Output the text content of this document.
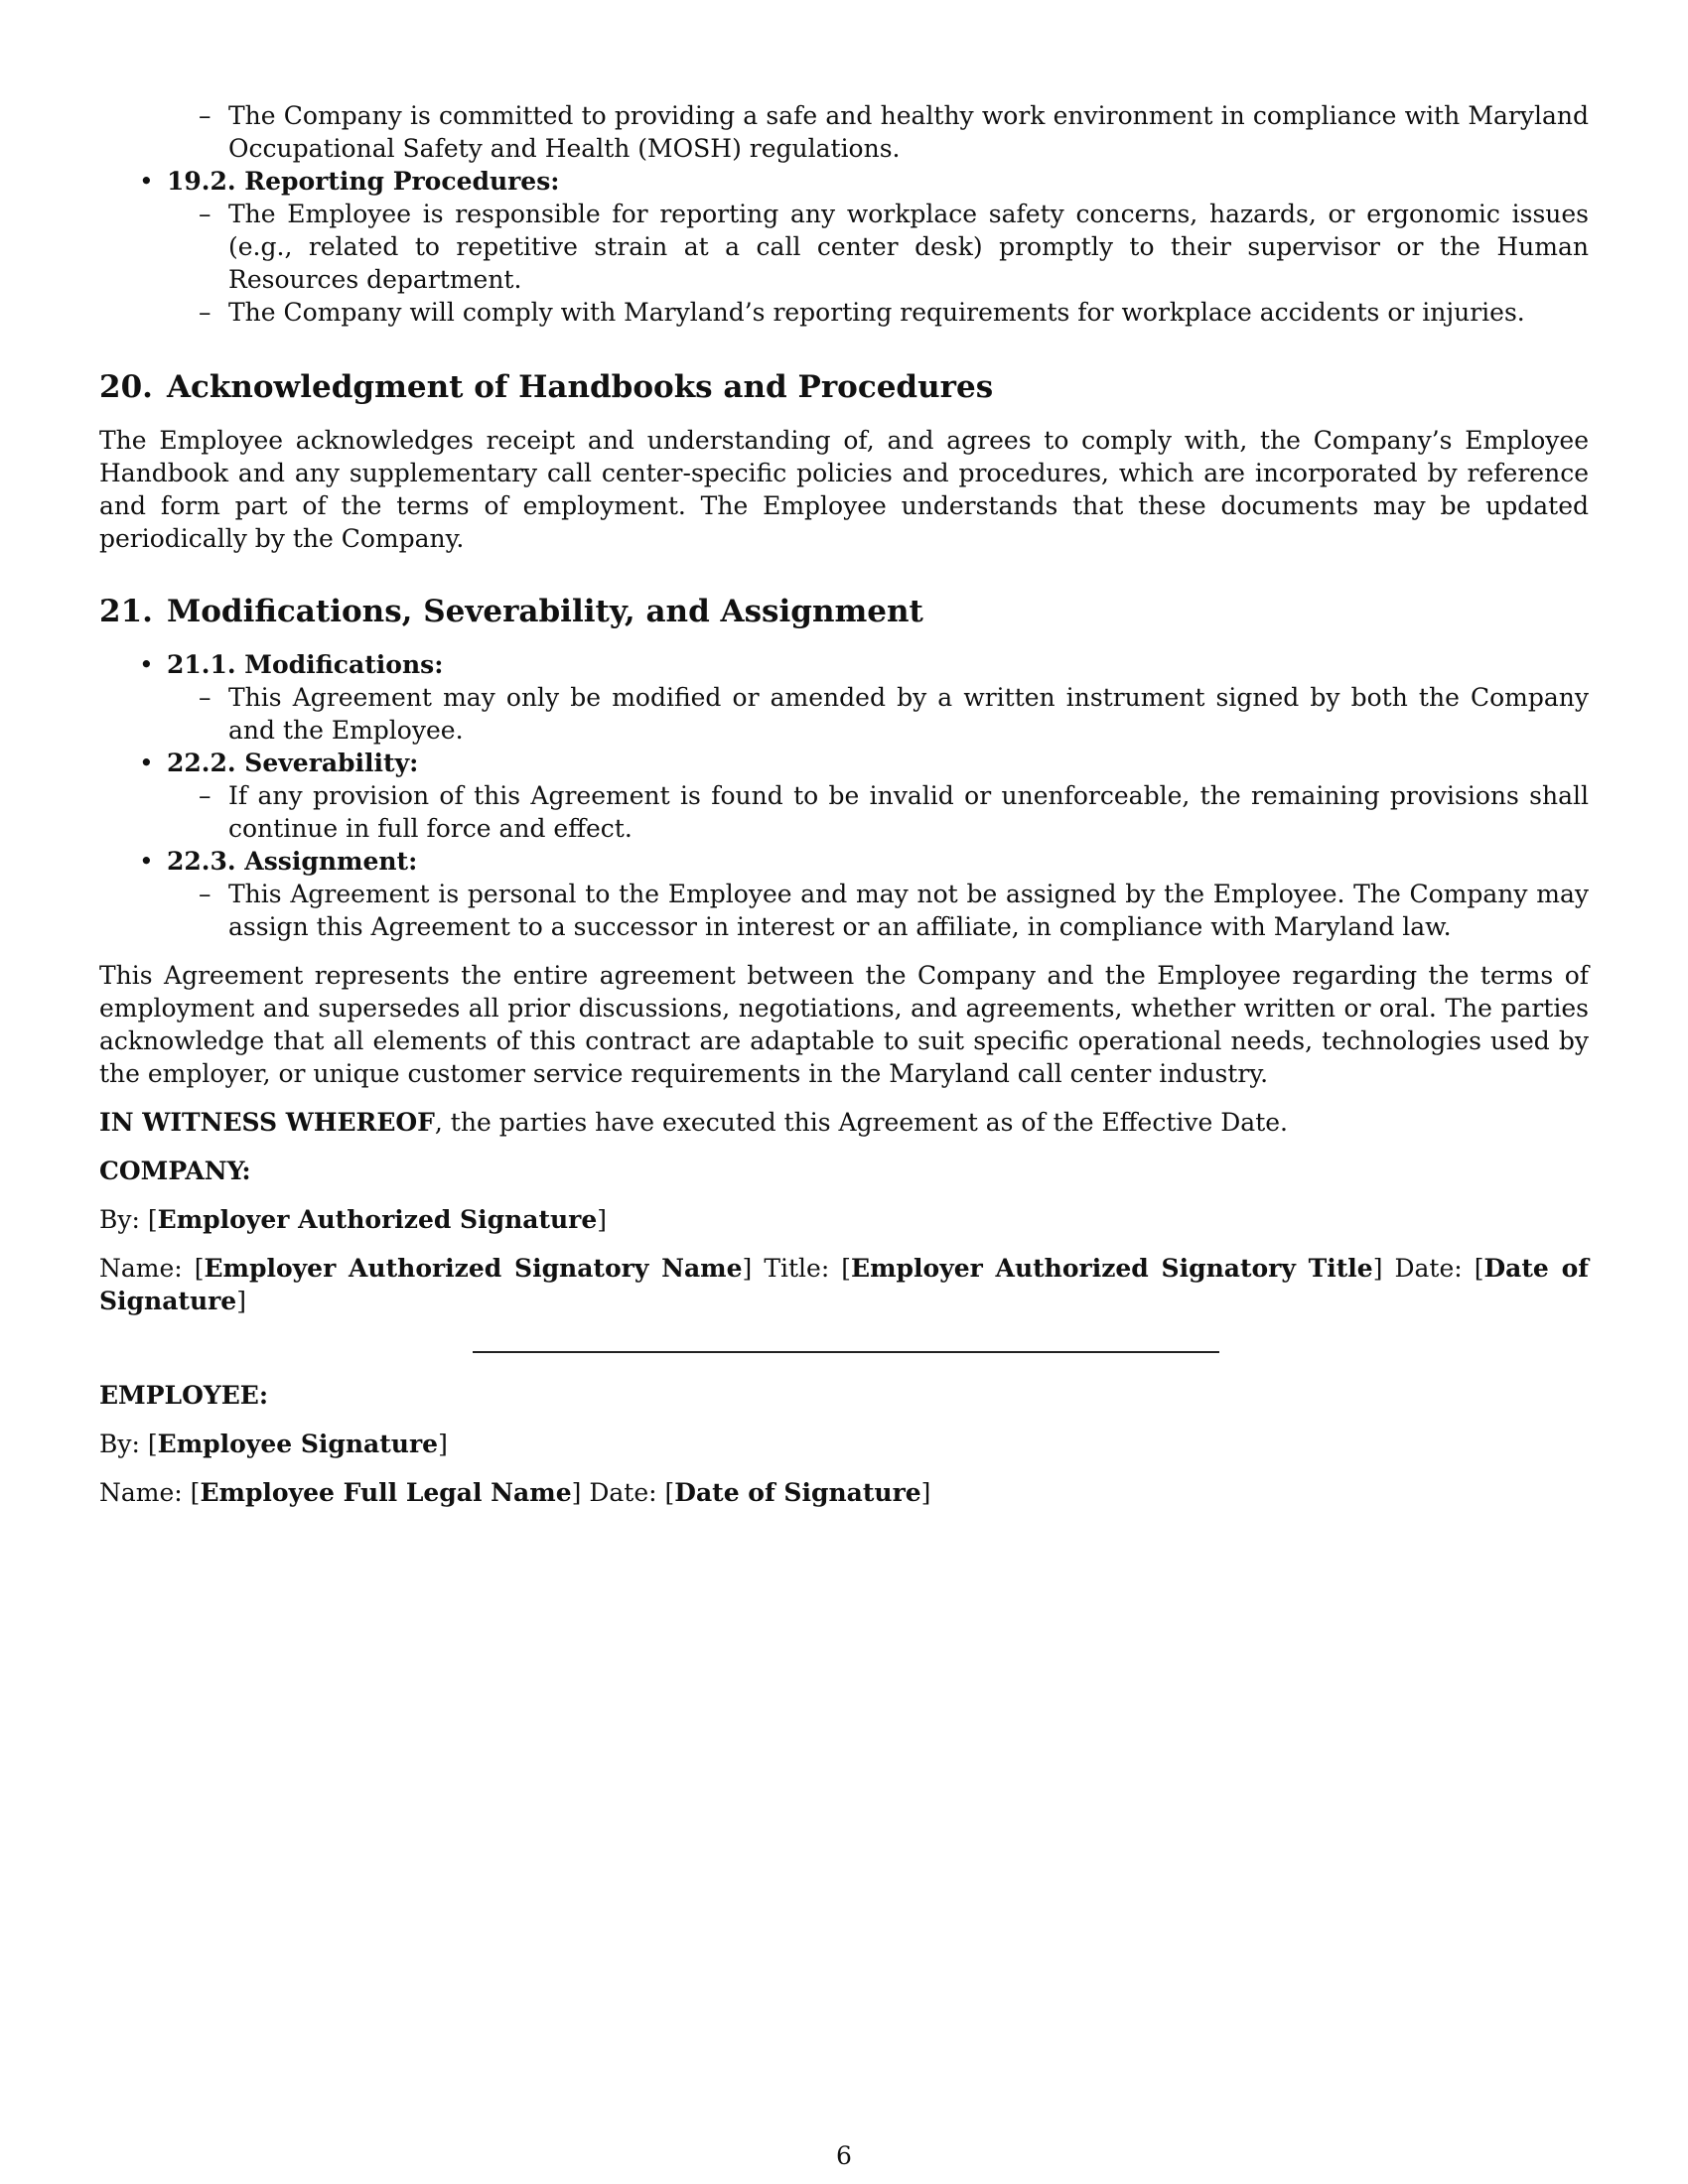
– The Company is committed to providing a safe and healthy work environment in compliance with Maryland Occupational Safety and Health (MOSH) regulations.
• 19.2. Reporting Procedures:
– The Employee is responsible for reporting any workplace safety concerns, hazards, or ergonomic issues (e.g., related to repetitive strain at a call center desk) promptly to their supervisor or the Human Resources department.
– The Company will comply with Maryland’s reporting requirements for workplace accidents or injuries.
20. Acknowledgment of Handbooks and Procedures

The Employee acknowledges receipt and understanding of, and agrees to comply with, the Company’s Employee Handbook and any supplementary call center-specific policies and procedures, which are incorporated by reference and form part of the terms of employment. The Employee understands that these documents may be updated periodically by the Company.

21. Modifications, Severability, and Assignment
• 21.1. Modifications:
– This Agreement may only be modified or amended by a written instrument signed by both the Company and the Employee.
• 22.2. Severability:
– If any provision of this Agreement is found to be invalid or unenforceable, the remaining provisions shall continue in full force and effect.
• 22.3. Assignment:
– This Agreement is personal to the Employee and may not be assigned by the Employee. The Company may assign this Agreement to a successor in interest or an affiliate, in compliance with Maryland law.

This Agreement represents the entire agreement between the Company and the Employee regarding the terms of employment and supersedes all prior discussions, negotiations, and agreements, whether written or oral. The parties acknowledge that all elements of this contract are adaptable to suit specific operational needs, technologies used by the employer, or unique customer service requirements in the Maryland call center industry.

IN WITNESS WHEREOF, the parties have executed this Agreement as of the Effective Date.

COMPANY:

By: [Employer Authorized Signature]

Name: [Employer Authorized Signatory Name] Title: [Employer Authorized Signatory Title] Date: [Date of Signature]

EMPLOYEE:

By: [Employee Signature]

Name: [Employee Full Legal Name] Date: [Date of Signature]

6
